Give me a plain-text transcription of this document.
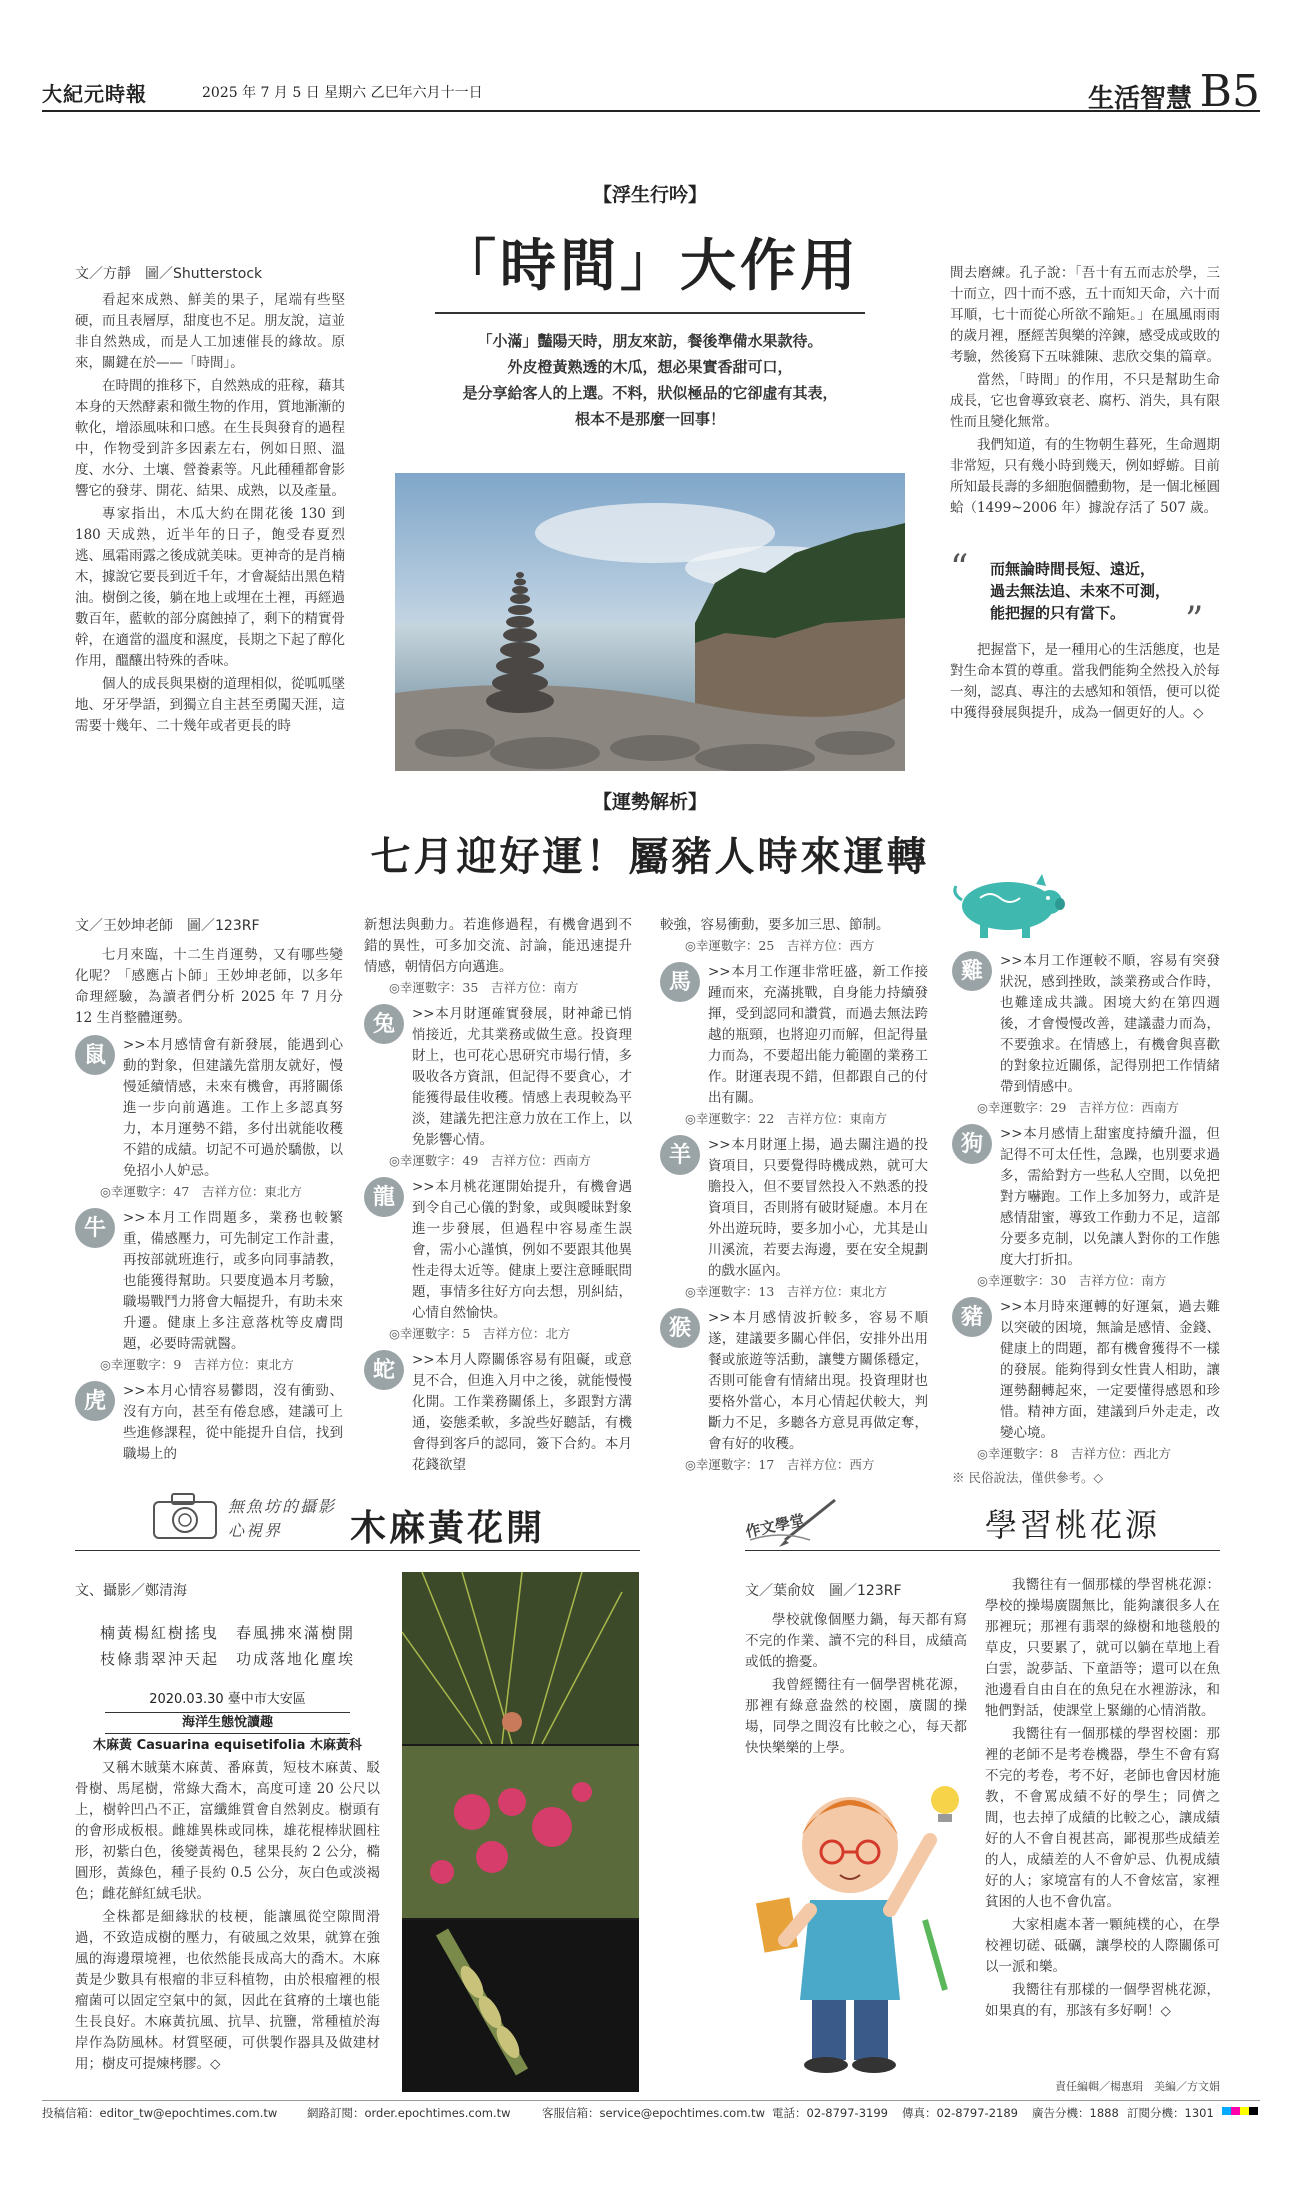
大紀元時報	2025 年 7 月 5 日 星期六 乙巳年六月十一日	生活智慧 B5
【浮生行吟】
「時間」大作用
「小滿」豔陽天時，朋友來訪，餐後準備水果款待。
外皮橙黃熟透的木瓜，想必果實香甜可口，
是分享給客人的上選。不料，狀似極品的它卻虛有其表，
根本不是那麼一回事！
文／方靜　圖／Shutterstock

看起來成熟、鮮美的果子，尾端有些堅硬，而且表層厚，甜度也不足。朋友說，這並非自然熟成，而是人工加速催長的緣故。原來，關鍵在於——「時間」。

在時間的推移下，自然熟成的莊稼，藉其本身的天然酵素和微生物的作用，質地漸漸的軟化，增添風味和口感。在生長與發育的過程中，作物受到許多因素左右，例如日照、溫度、水分、土壤、營養素等。凡此種種都會影響它的發芽、開花、結果、成熟，以及產量。

專家指出，木瓜大約在開花後 130 到 180 天成熟，近半年的日子，飽受春夏烈逃、風霜雨露之後成就美味。更神奇的是肖楠木，據說它要長到近千年，才會凝結出黑色精油。樹倒之後，躺在地上或埋在土裡，再經過數百年，藍軟的部分腐蝕掉了，剩下的精實骨幹，在適當的溫度和濕度，長期之下起了醇化作用，醞釀出特殊的香味。

個人的成長與果樹的道理相似，從呱呱墜地、牙牙學語，到獨立自主甚至勇闖天涯，這需要十幾年、二十幾年或者更長的時

間去磨練。孔子說：「吾十有五而志於學，三十而立，四十而不惑，五十而知天命，六十而耳順，七十而從心所欲不踰矩。」在風風雨雨的歲月裡，歷經苦與樂的淬鍊，感受成或敗的考驗，然後寫下五味雜陳、悲欣交集的篇章。

當然，「時間」的作用，不只是幫助生命成長，它也會導致衰老、腐朽、消失，具有限性而且變化無常。

我們知道，有的生物朝生暮死，生命週期非常短，只有幾小時到幾天，例如蜉蝣。目前所知最長壽的多細胞個體動物，是一個北極圓蛤（1499~2006 年）據說存活了 507 歲。

“ 而無論時間長短、遠近，
過去無法追、未來不可測，
能把握的只有當下。	”

把握當下，是一種用心的生活態度，也是對生命本質的尊重。當我們能夠全然投入於每一刻，認真、專注的去感知和領悟，便可以從中獲得發展與提升，成為一個更好的人。◇

【運勢解析】
七月迎好運！屬豬人時來運轉
文／王妙坤老師　圖／123RF

七月來臨，十二生肖運勢，又有哪些變化呢？「感應占卜師」王妙坤老師，以多年命理經驗，為讀者們分析 2025 年 7 月分 12 生肖整體運勢。

鼠	>>本月感情會有新發展，能遇到心動的對象，但建議先當朋友就好，慢慢延續情感，未來有機會，再將關係進一步向前邁進。工作上多認真努力，本月運勢不錯，多付出就能收穫不錯的成績。切記不可過於驕傲，以免招小人妒忌。

◎幸運數字：47　吉祥方位：東北方
牛	>>本月工作問題多，業務也較繁重，備感壓力，可先制定工作計畫，再按部就班進行，或多向同事請教，也能獲得幫助。只要度過本月考驗，職場戰鬥力將會大幅提升，有助未來升遷。健康上多注意落枕等皮膚問題，必要時需就醫。

◎幸運數字：9　吉祥方位：東北方
虎	>>本月心情容易鬱悶，沒有衝勁、沒有方向，甚至有倦怠感，建議可上些進修課程，從中能提升自信，找到職場上的

新想法與動力。若進修過程，有機會遇到不錯的異性，可多加交流、討論，能迅速提升情感，朝情侶方向邁進。

◎幸運數字：35　吉祥方位：南方
兔	>>本月財運確實發展，財神爺已悄悄接近，尤其業務或做生意。投資理財上，也可花心思研究市場行情，多吸收各方資訊，但記得不要貪心，才能獲得最佳收穫。情感上表現較為平淡，建議先把注意力放在工作上，以免影響心情。

◎幸運數字：49　吉祥方位：西南方
龍	>>本月桃花運開始提升，有機會遇到令自己心儀的對象，或與曖昧對象進一步發展，但過程中容易產生誤會，需小心謹慎，例如不要跟其他異性走得太近等。健康上要注意睡眠問題，事情多往好方向去想，別糾結，心情自然愉快。

◎幸運數字：5　吉祥方位：北方
蛇	>>本月人際關係容易有阻礙，或意見不合，但進入月中之後，就能慢慢化開。工作業務關係上，多跟對方溝通，姿態柔軟，多說些好聽話，有機會得到客戶的認同，簽下合約。本月花錢欲望

較強，容易衝動，要多加三思、節制。

◎幸運數字：25　吉祥方位：西方
馬	>>本月工作運非常旺盛，新工作接踵而來，充滿挑戰，自身能力持續發揮，受到認同和讚賞，而過去無法跨越的瓶頸，也將迎刃而解，但記得量力而為，不要超出能力範圍的業務工作。財運表現不錯，但都跟自己的付出有關。

◎幸運數字：22　吉祥方位：東南方
羊	>>本月財運上揚，過去關注過的投資項目，只要覺得時機成熟，就可大膽投入，但不要冒然投入不熟悉的投資項目，否則將有破財疑慮。本月在外出遊玩時，要多加小心，尤其是山川溪流，若要去海邊，要在安全規劃的戲水區內。

◎幸運數字：13　吉祥方位：東北方
猴	>>本月感情波折較多，容易不順遂，建議要多關心伴侶，安排外出用餐或旅遊等活動，讓雙方關係穩定，否則可能會有情緒出現。投資理財也要格外當心，本月心情起伏較大，判斷力不足，多聽各方意見再做定奪，會有好的收穫。

◎幸運數字：17　吉祥方位：西方
雞	>>本月工作運較不順，容易有突發狀況，感到挫敗，談業務或合作時，也難達成共識。困境大約在第四週後，才會慢慢改善，建議盡力而為，不要強求。在情感上，有機會與喜歡的對象拉近關係，記得別把工作情緒帶到情感中。

◎幸運數字：29　吉祥方位：西南方
狗	>>本月感情上甜蜜度持續升溫，但記得不可太任性，急躁，也別要求過多，需給對方一些私人空間，以免把對方嚇跑。工作上多加努力，或許是感情甜蜜，導致工作動力不足，這部分要多克制，以免讓人對你的工作態度大打折扣。

◎幸運數字：30　吉祥方位：南方
豬	>>本月時來運轉的好運氣，過去難以突破的困境，無論是感情、金錢、健康上的問題，都有機會獲得不一樣的發展。能夠得到女性貴人相助，讓運勢翻轉起來，一定要懂得感恩和珍惜。精神方面，建議到戶外走走，改變心境。

◎幸運數字：8　吉祥方位：西北方
※ 民俗說法，僅供參考。◇
無魚坊的攝影心視界	木麻黃花開
文、攝影／鄭清海
楠黃楊紅樹搖曳　春風拂來滿樹開
枝條翡翠沖天起　功成落地化塵埃
2020.03.30 臺中市大安區
海洋生態悅讀趣
木麻黃 Casuarina equisetifolia 木麻黃科

又稱木賊葉木麻黃、番麻黃，短枝木麻黃、駁骨樹、馬尾樹，常綠大喬木，高度可達 20 公尺以上，樹幹凹凸不正，富纖維質會自然剝皮。樹頭有的會形成板根。雌雄異株或同株，雄花棍棒狀圓柱形，初紫白色，後變黃褐色，毬果長約 2 公分，橢圓形，黃綠色，種子長約 0.5 公分，灰白色或淡褐色；雌花鮮紅絨毛狀。

全株都是細緣狀的枝梗，能讓風從空隙間滑過，不致造成樹的壓力，有破風之效果，就算在強風的海邊環境裡，也依然能長成高大的喬木。木麻黃是少數具有根瘤的非豆科植物，由於根瘤裡的根瘤菌可以固定空氣中的氮，因此在貧瘠的土壤也能生長良好。木麻黃抗風、抗旱、抗鹽，常種植於海岸作為防風林。材質堅硬，可供製作器具及做建材用；樹皮可提煉栲膠。◇

作文學堂	學習桃花源
文／葉俞妏　圖／123RF

學校就像個壓力鍋，每天都有寫不完的作業、讀不完的科目，成績高或低的擔憂。

我曾經嚮往有一個學習桃花源，那裡有綠意盎然的校園，廣闊的操場，同學之間沒有比較之心，每天都快快樂樂的上學。

我嚮往有一個那樣的學習桃花源：學校的操場廣闊無比，能夠讓很多人在那裡玩；那裡有翡翠的綠樹和地毯般的草皮，只要累了，就可以躺在草地上看白雲，說夢話、下童語等；還可以在魚池邊看自由自在的魚兒在水裡游泳，和牠們對話，使課堂上緊繃的心情消散。

我嚮往有一個那樣的學習校園：那裡的老師不是考卷機器，學生不會有寫不完的考卷，考不好，老師也會因材施教，不會罵成績不好的學生；同儕之間，也去掉了成績的比較之心，讓成績好的人不會自視甚高，鄙視那些成績差的人，成績差的人不會妒忌、仇視成績好的人；家境富有的人不會炫富，家裡貧困的人也不會仇富。

大家相處本著一顆純樸的心，在學校裡切磋、砥礪，讓學校的人際關係可以一派和樂。

我嚮往有那樣的一個學習桃花源，如果真的有，那該有多好啊！◇

責任編輯／楊惠琄　美編／方文娟
投稿信箱：editor_tw@epochtimes.com.tw	網路訂閱：order.epochtimes.com.tw	客服信箱：service@epochtimes.com.tw 電話：02-8797-3199 傳真：02-8797-2189 廣告分機：1888 訂閱分機：1301
